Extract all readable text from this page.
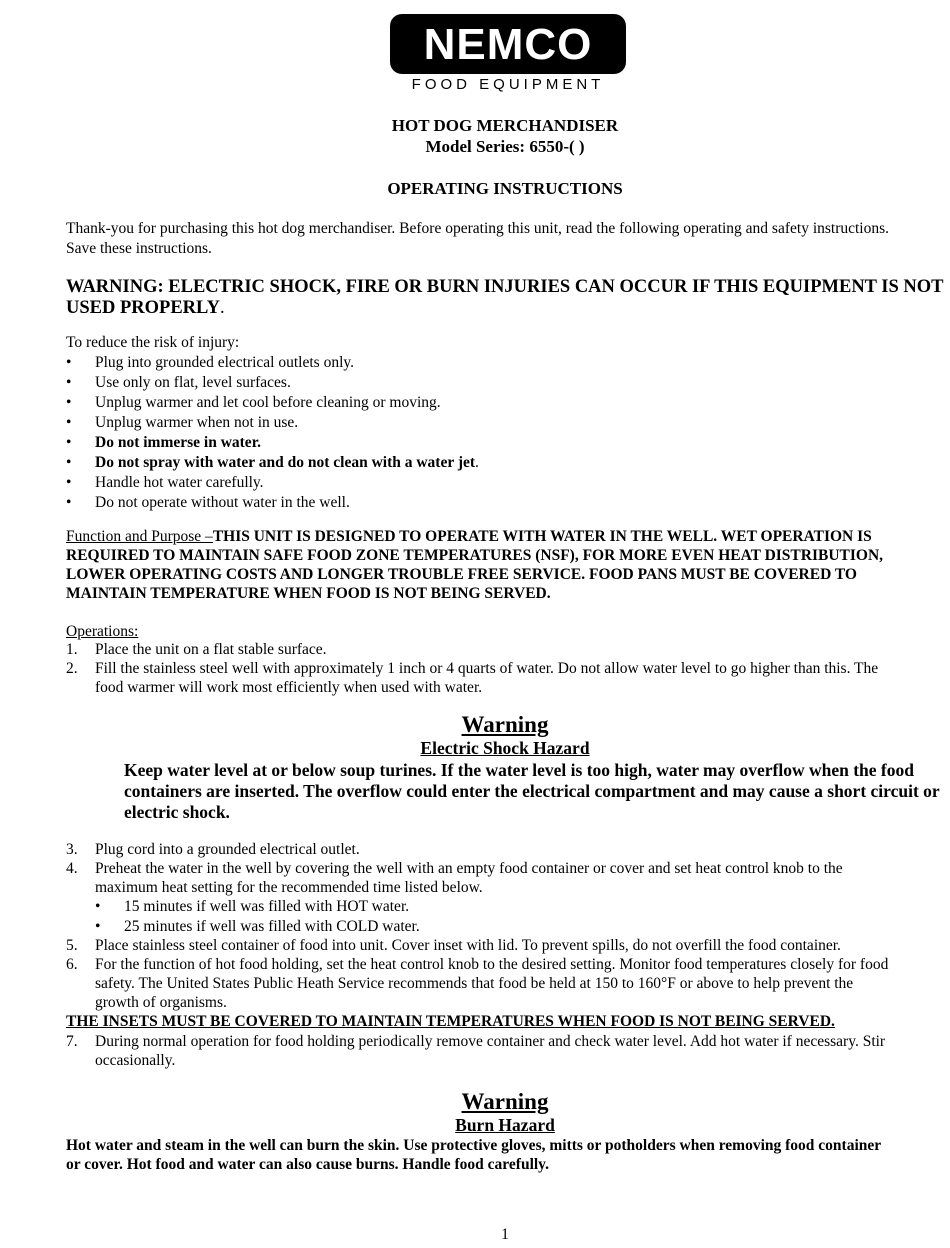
NEMCO
FOOD EQUIPMENT
HOT DOG MERCHANDISER
Model Series: 6550-( )
OPERATING INSTRUCTIONS
Thank-you for purchasing this hot dog merchandiser. Before operating this unit, read the following operating and safety instructions.
Save these instructions.
WARNING: ELECTRIC SHOCK, FIRE OR BURN INJURIES CAN OCCUR IF THIS EQUIPMENT IS NOT
USED PROPERLY.
To reduce the risk of injury:
• Plug into grounded electrical outlets only.
• Use only on flat, level surfaces.
• Unplug warmer and let cool before cleaning or moving.
• Unplug warmer when not in use.
• Do not immerse in water.
• Do not spray with water and do not clean with a water jet.
• Handle hot water carefully.
• Do not operate without water in the well.
Function and Purpose –THIS UNIT IS DESIGNED TO OPERATE WITH WATER IN THE WELL. WET OPERATION IS
REQUIRED TO MAINTAIN SAFE FOOD ZONE TEMPERATURES (NSF), FOR MORE EVEN HEAT DISTRIBUTION,
LOWER OPERATING COSTS AND LONGER TROUBLE FREE SERVICE. FOOD PANS MUST BE COVERED TO
MAINTAIN TEMPERATURE WHEN FOOD IS NOT BEING SERVED.
Operations:
1. Place the unit on a flat stable surface.
2. Fill the stainless steel well with approximately 1 inch or 4 quarts of water. Do not allow water level to go higher than this. The
food warmer will work most efficiently when used with water.
Warning
Electric Shock Hazard
Keep water level at or below soup turines. If the water level is too high, water may overflow when the food containers are inserted. The overflow could enter the electrical compartment and may cause a short circuit or electric shock.
3. Plug cord into a grounded electrical outlet.
4. Preheat the water in the well by covering the well with an empty food container or cover and set heat control knob to the
maximum heat setting for the recommended time listed below.
• 15 minutes if well was filled with HOT water.
• 25 minutes if well was filled with COLD water.
5. Place stainless steel container of food into unit. Cover inset with lid. To prevent spills, do not overfill the food container.
6. For the function of hot food holding, set the heat control knob to the desired setting. Monitor food temperatures closely for food
safety. The United States Public Heath Service recommends that food be held at 150 to 160°F or above to help prevent the
growth of organisms.
THE INSETS MUST BE COVERED TO MAINTAIN TEMPERATURES WHEN FOOD IS NOT BEING SERVED.
7. During normal operation for food holding periodically remove container and check water level. Add hot water if necessary. Stir
occasionally.
Warning
Burn Hazard
Hot water and steam in the well can burn the skin. Use protective gloves, mitts or potholders when removing food container
or cover. Hot food and water can also cause burns. Handle food carefully.
1
